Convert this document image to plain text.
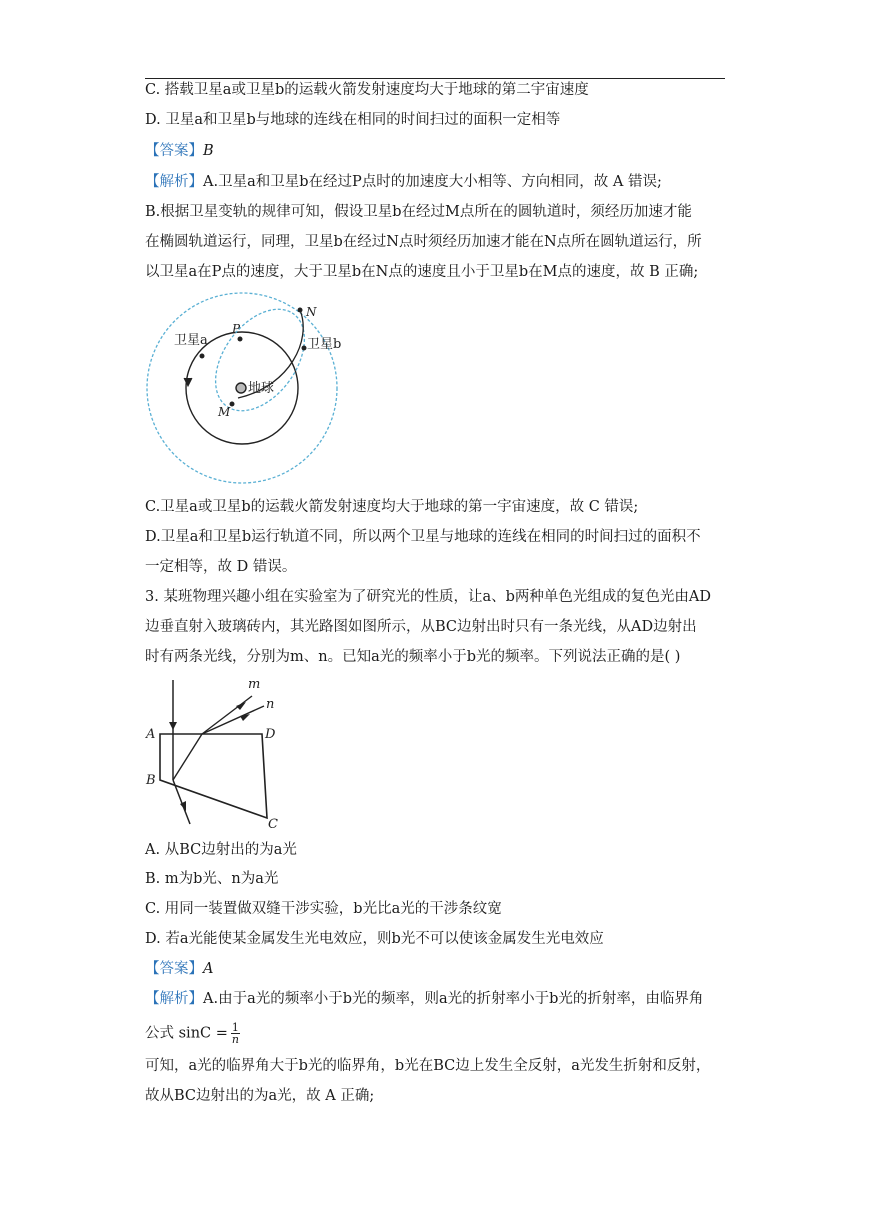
C. 搭载卫星a或卫星b的运载火箭发射速度均大于地球的第二宇宙速度
D. 卫星a和卫星b与地球的连线在相同的时间扫过的面积一定相等
【答案】B
【解析】A.卫星a和卫星b在经过P点时的加速度大小相等、方向相同，故 A 错误;
B.根据卫星变轨的规律可知，假设卫星b在经过M点所在的圆轨道时，须经历加速才能
在椭圆轨道运行，同理，卫星b在经过N点时须经历加速才能在N点所在圆轨道运行，所
以卫星a在P点的速度，大于卫星b在N点的速度且小于卫星b在M点的速度，故 B 正确;
卫星a	卫星b
地球
P
N
M
C.卫星a或卫星b的运载火箭发射速度均大于地球的第一宇宙速度，故 C 错误;
D.卫星a和卫星b运行轨道不同，所以两个卫星与地球的连线在相同的时间扫过的面积不
一定相等，故 D 错误。
3. 某班物理兴趣小组在实验室为了研究光的性质，让a、b两种单色光组成的复色光由AD
边垂直射入玻璃砖内，其光路图如图所示，从BC边射出时只有一条光线，从AD边射出
时有两条光线，分别为m、n。已知a光的频率小于b光的频率。下列说法正确的是( )
m
n
A	D
B
C
A. 从BC边射出的为a光
B. m为b光、n为a光
C. 用同一装置做双缝干涉实验，b光比a光的干涉条纹宽
D. 若a光能使某金属发生光电效应，则b光不可以使该金属发生光电效应
【答案】A
【解析】A.由于a光的频率小于b光的频率，则a光的折射率小于b光的折射率，由临界角
公式 $\sin C = \frac{1}{n}$
可知，a光的临界角大于b光的临界角，b光在BC边上发生全反射，a光发生折射和反射，
故从BC边射出的为a光，故 A 正确;
